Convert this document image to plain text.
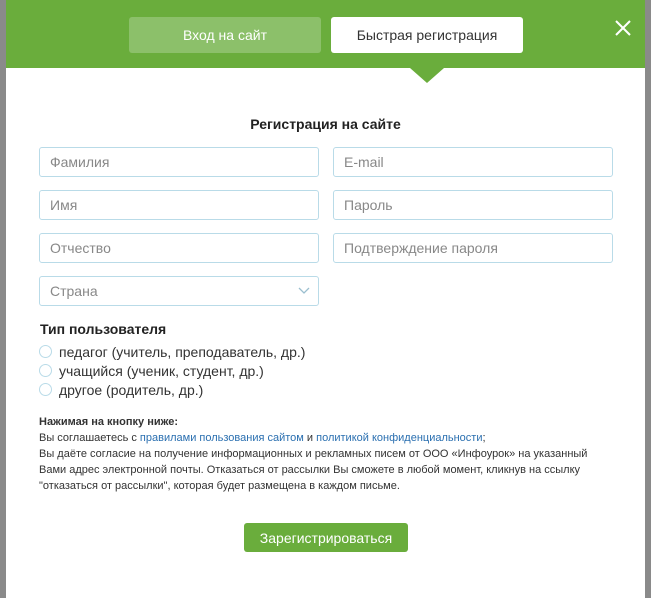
Вход на сайт	Быстрая регистрация
Регистрация на сайте
Фамилия	E-mail
Имя	Пароль
Отчество	Подтверждение пароля
Страна
Тип пользователя
педагог (учитель, преподаватель, др.)
учащийся (ученик, студент, др.)
другое (родитель, др.)
Нажимая на кнопку ниже:
Вы соглашаетесь с правилами пользования сайтом и политикой конфиденциальности;
Вы даёте согласие на получение информационных и рекламных писем от ООО «Инфоурок» на указанный Вами адрес электронной почты. Отказаться от рассылки Вы сможете в любой момент, кликнув на ссылку "отказаться от рассылки", которая будет размещена в каждом письме.
Зарегистрироваться
